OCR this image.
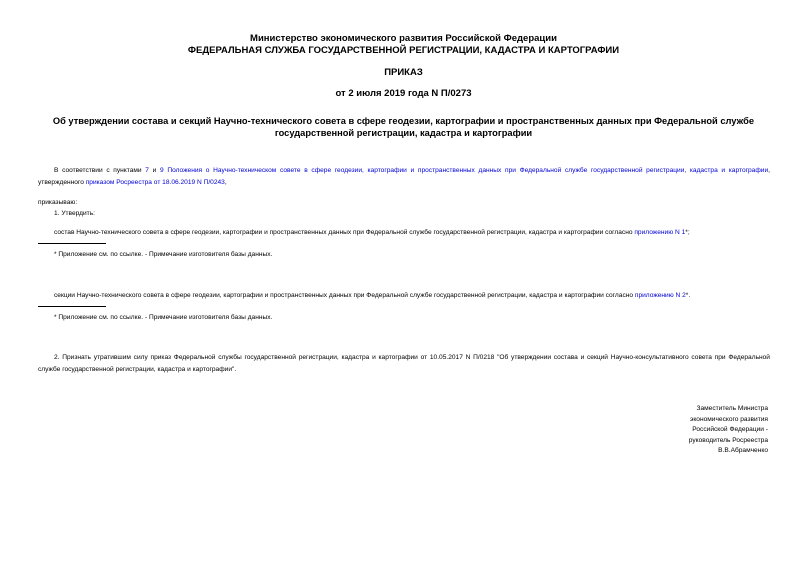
Министерство экономического развития Российской Федерации
ФЕДЕРАЛЬНАЯ СЛУЖБА ГОСУДАРСТВЕННОЙ РЕГИСТРАЦИИ, КАДАСТРА И КАРТОГРАФИИ
ПРИКАЗ
от 2 июля 2019 года N П/0273
Об утверждении состава и секций Научно-технического совета в сфере геодезии, картографии и пространственных данных при Федеральной службе
государственной регистрации, кадастра и картографии
В соответствии с пунктами 7 и 9 Положения о Научно-техническом совете в сфере геодезии, картографии и пространственных данных при Федеральной службе государственной регистрации, кадастра и картографии, утвержденного приказом Росреестра от 18.06.2019 N П/0243,
приказываю:
1. Утвердить:
состав Научно-технического совета в сфере геодезии, картографии и пространственных данных при Федеральной службе государственной регистрации, кадастра и картографии согласно приложению N 1*;
* Приложение см. по ссылке. - Примечание изготовителя базы данных.
секции Научно-технического совета в сфере геодезии, картографии и пространственных данных при Федеральной службе государственной регистрации, кадастра и картографии согласно приложению N 2*.
* Приложение см. по ссылке. - Примечание изготовителя базы данных.
2. Признать утратившим силу приказ Федеральной службы государственной регистрации, кадастра и картографии от 10.05.2017 N П/0218 "Об утверждении состава и секций Научно-консультативного совета при Федеральной службе государственной регистрации, кадастра и картографии".
Заместитель Министра
экономического развития
Российской Федерации -
руководитель Росреестра
В.В.Абрамченко
